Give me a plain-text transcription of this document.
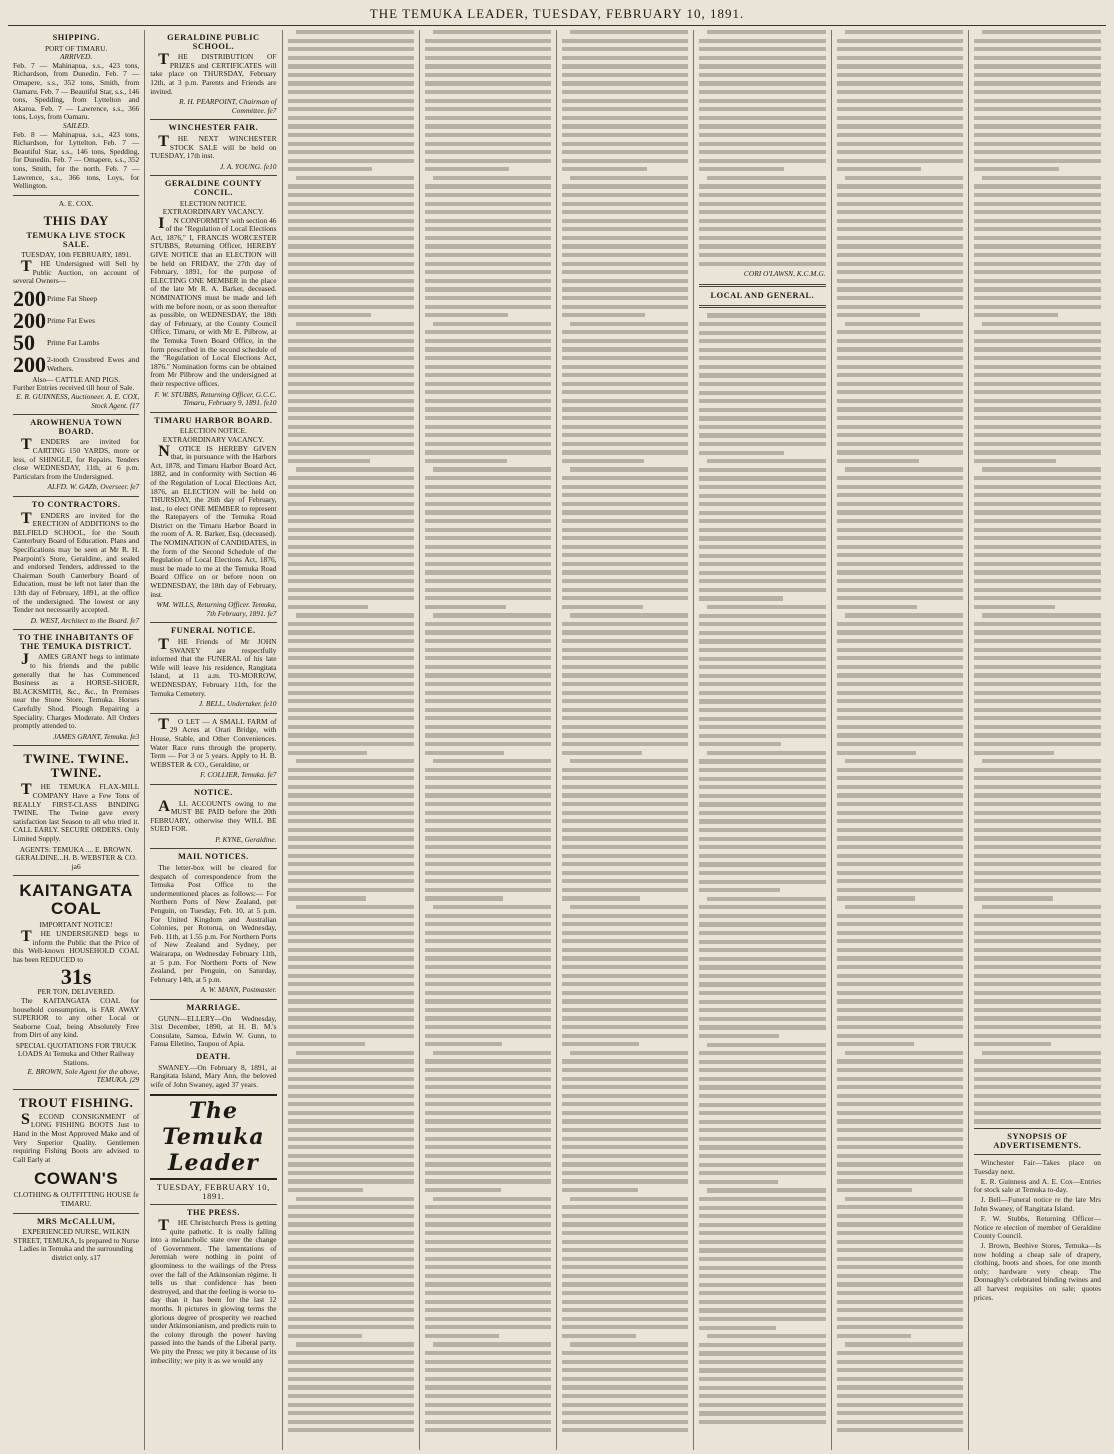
THE TEMUKA LEADER, TUESDAY, FEBRUARY 10, 1891.
SHIPPING.
PORT OF TIMARU.
ARRIVED.
Feb. 7 — Mahinapua, s.s., 423 tons, Richardson, from Dunedin. Feb. 7 — Omapere, s.s., 352 tons, Smith, from Oamaru. Feb. 7 — Beautiful Star, s.s., 146 tons, Spedding, from Lyttelton and Akaroa. Feb. 7 — Lawrence, s.s., 366 tons, Loys, from Oamaru.
SAILED.
Feb. 8 — Mahinapua, s.s., 423 tons, Richardson, for Lyttelton. Feb. 7 — Beautiful Star, s.s., 146 tons, Spedding, for Dunedin. Feb. 7 — Omapere, s.s., 352 tons, Smith, for the north. Feb. 7 — Lawrence, s.s., 366 tons, Loys, for Wellington.
A. E. COX.
THIS DAY
TEMUKA LIVE STOCK SALE.
TUESDAY, 10th FEBRUARY, 1891.
THE Undersigned will Sell by Public Auction, on account of several Owners—
200 Prime Fat Sheep
200 Prime Fat Ewes
50	Prime Fat Lambs
200 2-tooth Crossbred Ewes and Wethers.
Also— CATTLE AND PIGS.
Further Entries received till hour of Sale.
E. R. GUINNESS, Auctioneer. A. E. COX, Stock Agent. f17
AROWHENUA TOWN BOARD.
TENDERS are invited for CARTING 150 YARDS, more or less, of SHINGLE, for Repairs. Tenders close WEDNESDAY, 11th, at 6 p.m. Particulars from the Undersigned.
ALFD. W. GAZb, Overseer. fe7
TO CONTRACTORS.
TENDERS are invited for the ERECTION of ADDITIONS to the BELFIELD SCHOOL, for the South Canterbury Board of Education. Plans and Specifications may be seen at Mr R. H. Pearpoint's Store, Geraldine, and sealed and endorsed Tenders, addressed to the Chairman South Canterbury Board of Education, must be left not later than the 13th day of February, 1891, at the office of the undersigned. The lowest or any Tender not necessarily accepted.
D. WEST, Architect to the Board. fe7
TO THE INHABITANTS OF THE TEMUKA DISTRICT.
JAMES GRANT begs to intimate to his friends and the public generally that he has Commenced Business as a HORSE-SHOER, BLACKSMITH, &c., &c., In Premises near the Stone Store, Temuka. Horses Carefully Shod. Plough Repairing a Speciality. Charges Moderate. All Orders promptly attended to.
JAMES GRANT, Temuka. fe3
TWINE. TWINE. TWINE.
THE TEMUKA FLAX-MILL COMPANY Have a Few Tons of REALLY FIRST-CLASS BINDING TWINE. The Twine gave every satisfaction last Season to all who tried it. CALL EARLY. SECURE ORDERS. Only Limited Supply.
AGENTS: TEMUKA .... E. BROWN. GERALDINE...H. B. WEBSTER & CO. ja6
KAITANGATA COAL
IMPORTANT NOTICE!
THE UNDERSIGNED begs to inform the Public that the Price of this Well-known HOUSEHOLD COAL has been REDUCED to
31s
PER TON, DELIVERED.
The KAITANGATA COAL for household consumption, is FAR AWAY SUPERIOR to any other Local or Seaborne Coal, being Absolutely Free from Dirt of any kind.
SPECIAL QUOTATIONS FOR TRUCK LOADS At Temuka and Other Railway Stations.
E. BROWN, Sole Agent for the above, TEMUKA. j29
TROUT FISHING.
SECOND CONSIGNMENT of LONG FISHING BOOTS Just to Hand in the Most Approved Make and of Very Superior Quality. Gentlemen requiring Fishing Boots are advised to Call Early at
COWAN'S
CLOTHING & OUTFITTING HOUSE fe TIMARU.
MRS McCALLUM,
EXPERIENCED NURSE, WILKIN STREET, TEMUKA, Is prepared to Nurse Ladies in Temuka and the surrounding district only. s17
GERALDINE PUBLIC SCHOOL.
THE DISTRIBUTION OF PRIZES and CERTIFICATES will take place on THURSDAY, February 12th, at 3 p.m. Parents and Friends are invited.
R. H. PEARPOINT, Chairman of Committee. fe7
WINCHESTER FAIR.
THE NEXT WINCHESTER STOCK SALE will be held on TUESDAY, 17th inst.
J. A. YOUNG. fe10
GERALDINE COUNTY CONCIL.
ELECTION NOTICE.
EXTRAORDINARY VACANCY.
IN CONFORMITY with section 46 of the "Regulation of Local Elections Act, 1876," I, FRANCIS WORCESTER STUBBS, Returning Officer, HEREBY GIVE NOTICE that an ELECTION will be held on FRIDAY, the 27th day of February, 1891, for the purpose of ELECTING ONE MEMBER in the place of the late Mr R. A. Barker, deceased. NOMINATIONS must be made and left with me before noon, or as soon thereafter as possible, on WEDNESDAY, the 18th day of February, at the County Council Office, Timaru, or with Mr E. Pilbrow, at the Temuka Town Board Office, in the form prescribed in the second schedule of the "Regulation of Local Elections Act, 1876." Nomination forms can be obtained from Mr Pilbrow and the undersigned at their respective offices.
F. W. STUBBS, Returning Officer, G.C.C. Timaru, February 9, 1891. fe10
TIMARU HARBOR BOARD.
ELECTION NOTICE.
EXTRAORDINARY VACANCY.
NOTICE IS HEREBY GIVEN that, in pursuance with the Harbors Act, 1878, and Timaru Harbor Board Act, 1882, and in conformity with Section 46 of the Regulation of Local Elections Act, 1876, an ELECTION will be held on THURSDAY, the 26th day of February, inst., to elect ONE MEMBER to represent the Ratepayers of the Temuka Road District on the Timaru Harbor Board in the room of A. R. Barker, Esq. (deceased). The NOMINATION of CANDIDATES, in the form of the Second Schedule of the Regulation of Local Elections Act, 1876, must be made to me at the Temuka Road Board Office on or before noon on WEDNESDAY, the 18th day of February, inst.
WM. WILLS, Returning Officer. Temuka, 7th February, 1891. fe7
FUNERAL NOTICE.
THE Friends of Mr JOHN SWANEY are respectfully informed that the FUNERAL of his late Wife will leave his residence, Rangitata Island, at 11 a.m. TO-MORROW, WEDNESDAY, February 11th, for the Temuka Cemetery.
J. BELL, Undertaker. fe10
TO LET — A SMALL FARM of 29 Acres at Orari Bridge, with House, Stable, and Other Conveniences. Water Race runs through the property. Term — For 3 or 5 years. Apply to H. B. WEBSTER & CO., Geraldine, or
F. COLLIER, Temuka. fe7
NOTICE.
ALL ACCOUNTS owing to me MUST BE PAID before the 20th FEBRUARY, otherwise they WILL BE SUED FOR.
P. KYNE, Geraldine.
MAIL NOTICES.
The letter-box will be cleared for despatch of correspondence from the Temuka Post Office to the undermentioned places as follows:— For Northern Ports of New Zealand, per Penguin, on Tuesday, Feb. 10, at 5 p.m. For United Kingdom and Australian Colonies, per Rotorua, on Wednesday, Feb. 11th, at 1.55 p.m. For Northern Ports of New Zealand and Sydney, per Wairarapa, on Wednesday February 11th, at 5 p.m. For Northern Ports of New Zealand, per Penguin, on Saturday, February 14th, at 5 p.m.
A. W. MANN, Postmaster.
MARRIAGE.
GUNN—ELLERY—On Wednesday, 31st December, 1890, at H. B. M.'s Consulate, Samoa, Edwin W. Gunn, to Fanua Elletino, Taupou of Apia.
DEATH.
SWANEY.—On February 8, 1891, at Rangitata Island, Mary Ann, the beloved wife of John Swaney, aged 37 years.
The Temuka Leader
TUESDAY, FEBRUARY 10, 1891.
THE PRESS.
THE Christchurch Press is getting quite pathetic. It is really falling into a melancholic state over the change of Government. The lamentations of Jeremiah were nothing in point of gloominess to the wailings of the Press over the fall of the Atkinsonian régime. It tells us that confidence has been destroyed, and that the feeling is worse to-day than it has been for the last 12 months. It pictures in glowing terms the glorious degree of prosperity we reached under Atkinsonianism, and predicts ruin to the colony through the power having passed into the hands of the Liberal party. We pity the Press; we pity it because of its imbecility; we pity it as we would any
CORI O'LAWSN, K.C.M.G.
LOCAL AND GENERAL.
SYNOPSIS OF ADVERTISEMENTS.

Winchester Fair—Takes place on Tuesday next.

E. R. Guinness and A. E. Cox—Entries for stock sale at Temuka to-day.

J. Bell—Funeral notice re the late Mrs John Swaney, of Rangitata Island.

F. W. Stubbs, Returning Officer—Notice re election of member of Geraldine County Council.

J. Brown, Beehive Stores, Temuka—Is now holding a cheap sale of drapery, clothing, boots and shoes, for one month only; hardware very cheap. The Donnaghy's celebrated binding twines and all harvest requisites on sale; quotes prices.
